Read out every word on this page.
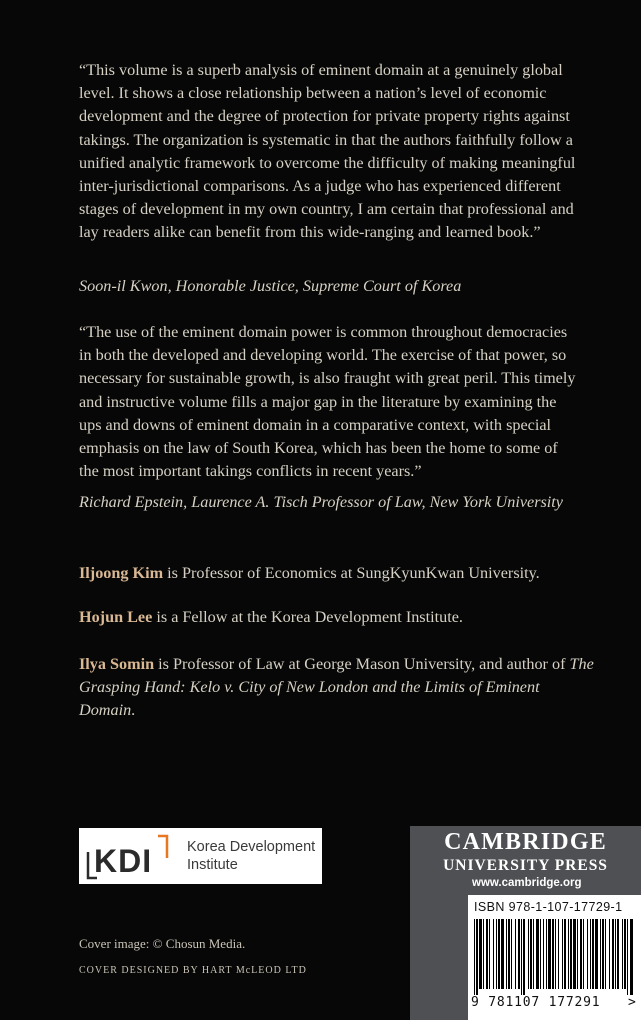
“This volume is a superb analysis of eminent domain at a genuinely global level. It shows a close relationship between a nation’s level of economic development and the degree of protection for private property rights against takings. The organization is systematic in that the authors faithfully follow a unified analytic framework to overcome the difficulty of making meaningful inter-jurisdictional comparisons. As a judge who has experienced different stages of development in my own country, I am certain that professional and lay readers alike can benefit from this wide-ranging and learned book.”
Soon-il Kwon, Honorable Justice, Supreme Court of Korea
“The use of the eminent domain power is common throughout democracies in both the developed and developing world. The exercise of that power, so necessary for sustainable growth, is also fraught with great peril. This timely and instructive volume fills a major gap in the literature by examining the ups and downs of eminent domain in a comparative context, with special emphasis on the law of South Korea, which has been the home to some of the most important takings conflicts in recent years.”
Richard Epstein, Laurence A. Tisch Professor of Law, New York University
Iljoong Kim is Professor of Economics at SungKyunKwan University.
Hojun Lee is a Fellow at the Korea Development Institute.
Ilya Somin is Professor of Law at George Mason University, and author of The Grasping Hand: Kelo v. City of New London and the Limits of Eminent Domain.
KDI Korea Development
Institute
Cover image: © Chosun Media.
COVER DESIGNED BY HART McLEOD LTD
CAMBRIDGE
UNIVERSITY PRESS
www.cambridge.org
ISBN 978-1-107-17729-1
9 781107 177291 >
